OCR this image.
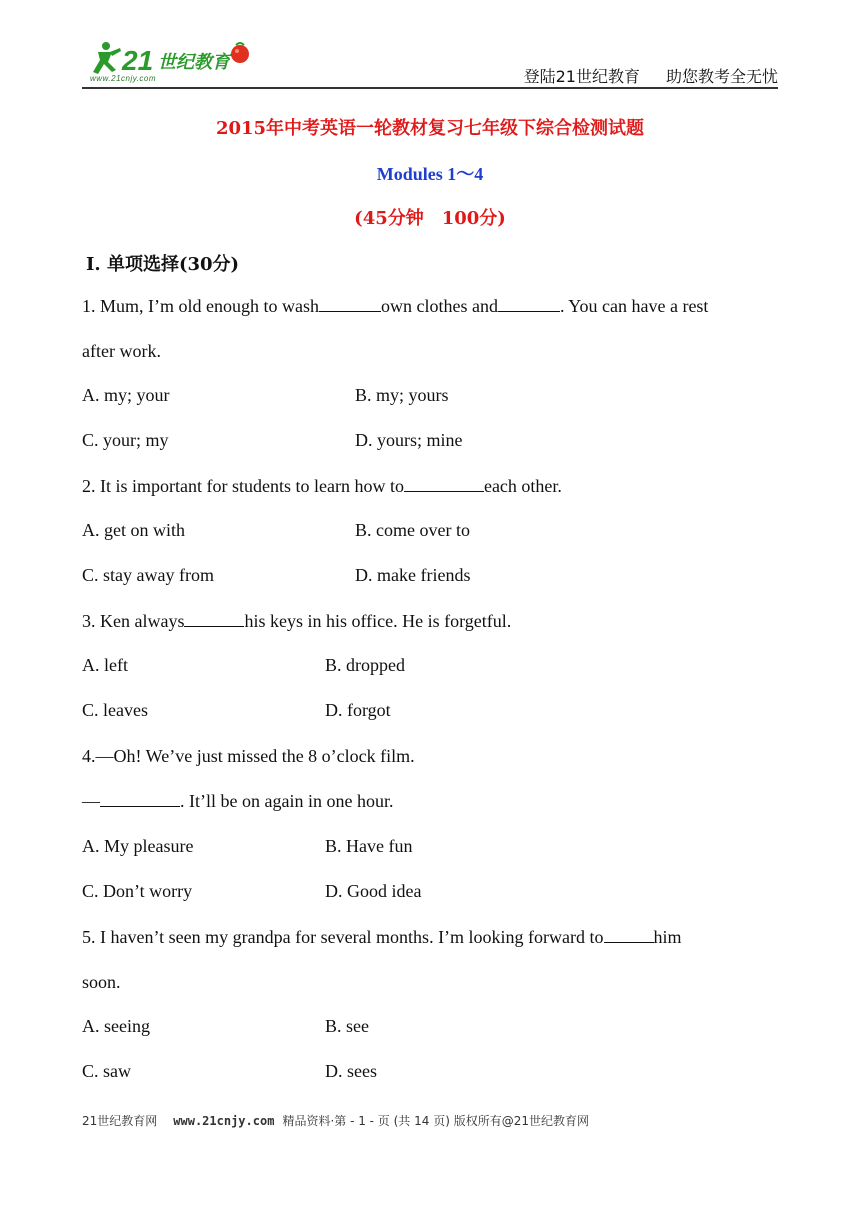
21 世纪教育
www.21cnjy.com	登陆21世纪教育 助您教考全无忧
2015年中考英语一轮教材复习七年级下综合检测试题
Modules 1～4
(45分钟　100分)
Ⅰ. 单项选择(30分)
1. Mum, I’m old enough to wash	own clothes and	. You can have a rest
after work.
A. my; your	B. my; yours
C. your; my	D. yours; mine
2. It is important for students to learn how to	each other.
A. get on with	B. come over to
C. stay away from	D. make friends
3. Ken always	his keys in his office. He is forgetful.
A. left	B. dropped
C. leaves	D. forgot
4.—Oh! We’ve just missed the 8 o’clock film.
—	. It’ll be on again in one hour.
A. My pleasure	B. Have fun
C. Don’t worry	D. Good idea
5. I haven’t seen my grandpa for several months. I’m looking forward to	him
soon.
A. seeing	B. see
C. saw	D. sees
21世纪教育网 www.21cnjy.com 精品资料·第 - 1 - 页 (共 14 页) 版权所有@21世纪教育网
